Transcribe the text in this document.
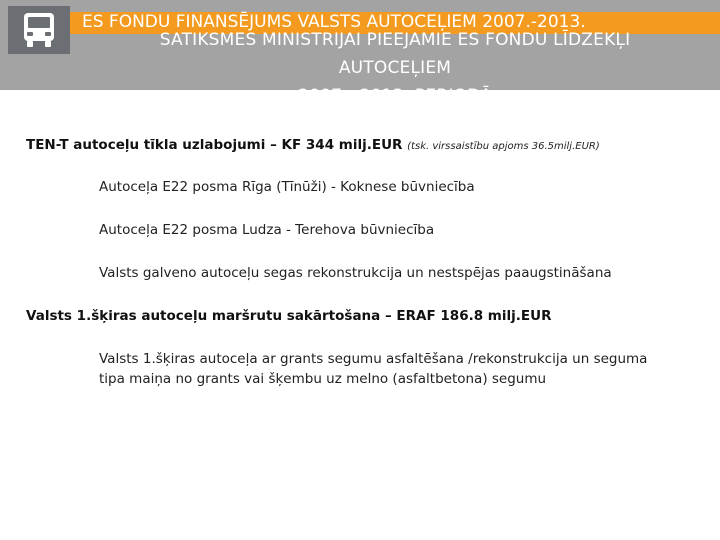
ES FONDU FINANSĒJUMS VALSTS AUTOCEĻIEM 2007.-2013.
SATIKSMES MINISTRIJAI PIEEJAMIE ES FONDU LĪDZEKĻI
AUTOCEĻIEM
2007. -2013. PERIODĀ
TEN-T autoceļu tīkla uzlabojumi – KF 344 milj.EUR (tsk. virssaistību apjoms 36.5milj.EUR)
Autoceļa E22 posma Rīga (Tīnūži) - Koknese būvniecība
Autoceļa E22 posma Ludza - Terehova būvniecība
Valsts galveno autoceļu segas rekonstrukcija un nestspējas paaugstināšana
Valsts 1.šķiras autoceļu maršrutu sakārtošana – ERAF 186.8 milj.EUR
Valsts 1.šķiras autoceļa ar grants segumu asfaltēšana /rekonstrukcija un seguma tipa maiņa no grants vai šķembu uz melno (asfaltbetona) segumu
